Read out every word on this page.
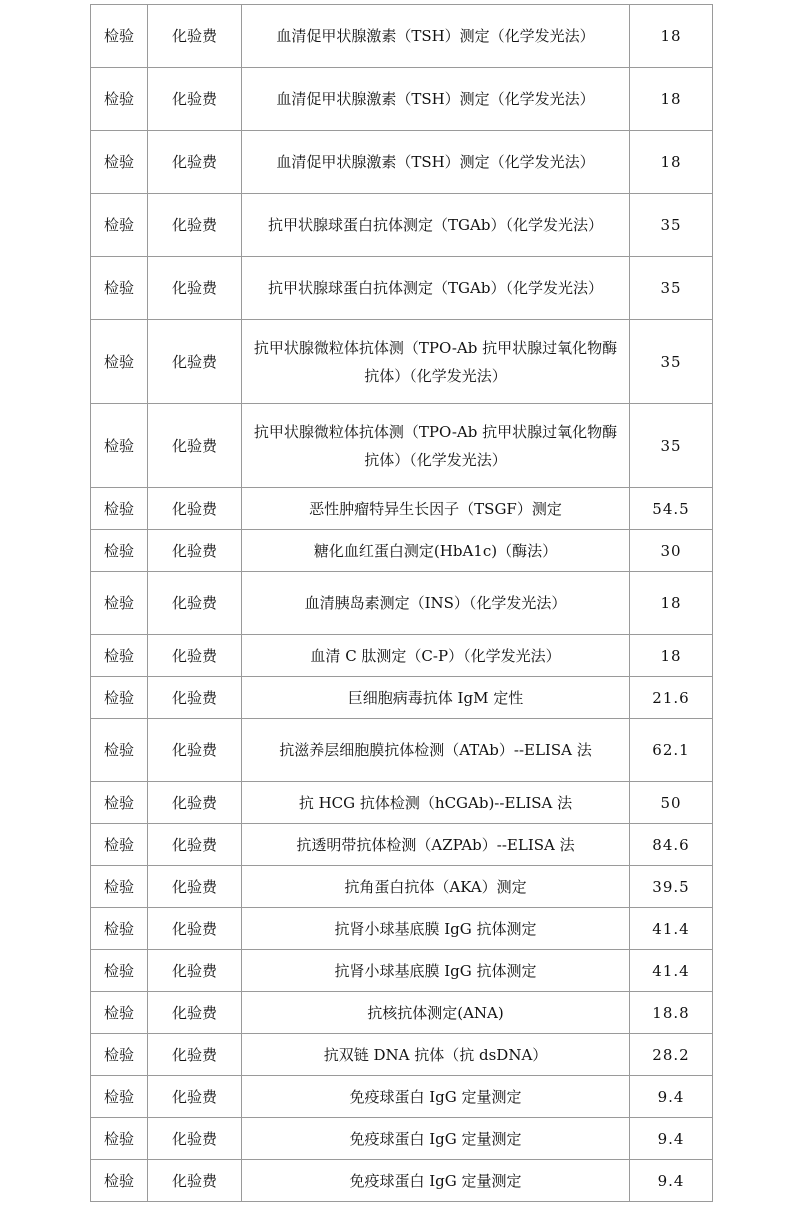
检验	化验费	血清促甲状腺激素（TSH）测定（化学发光法）	18
检验	化验费	血清促甲状腺激素（TSH）测定（化学发光法）	18
检验	化验费	血清促甲状腺激素（TSH）测定（化学发光法）	18
检验	化验费	抗甲状腺球蛋白抗体测定（TGAb）（化学发光法）	35
检验	化验费	抗甲状腺球蛋白抗体测定（TGAb）（化学发光法）	35
检验	化验费	抗甲状腺微粒体抗体测（TPO-Ab 抗甲状腺过氧化物酶抗体）（化学发光法）	35
检验	化验费	抗甲状腺微粒体抗体测（TPO-Ab 抗甲状腺过氧化物酶抗体）（化学发光法）	35
检验	化验费	恶性肿瘤特异生长因子（TSGF）测定	54.5
检验	化验费	糖化血红蛋白测定(HbA1c)（酶法）	30
检验	化验费	血清胰岛素测定（INS）（化学发光法）	18
检验	化验费	血清 C 肽测定（C-P）（化学发光法）	18
检验	化验费	巨细胞病毒抗体 IgM 定性	21.6
检验	化验费	抗滋养层细胞膜抗体检测（ATAb）--ELISA 法	62.1
检验	化验费	抗 HCG 抗体检测（hCGAb)--ELISA 法	50
检验	化验费	抗透明带抗体检测（AZPAb）--ELISA 法	84.6
检验	化验费	抗角蛋白抗体（AKA）测定	39.5
检验	化验费	抗肾小球基底膜 IgG 抗体测定	41.4
检验	化验费	抗肾小球基底膜 IgG 抗体测定	41.4
检验	化验费	抗核抗体测定(ANA)	18.8
检验	化验费	抗双链 DNA 抗体（抗 dsDNA）	28.2
检验	化验费	免疫球蛋白 IgG 定量测定	9.4
检验	化验费	免疫球蛋白 IgG 定量测定	9.4
检验	化验费	免疫球蛋白 IgG 定量测定	9.4
